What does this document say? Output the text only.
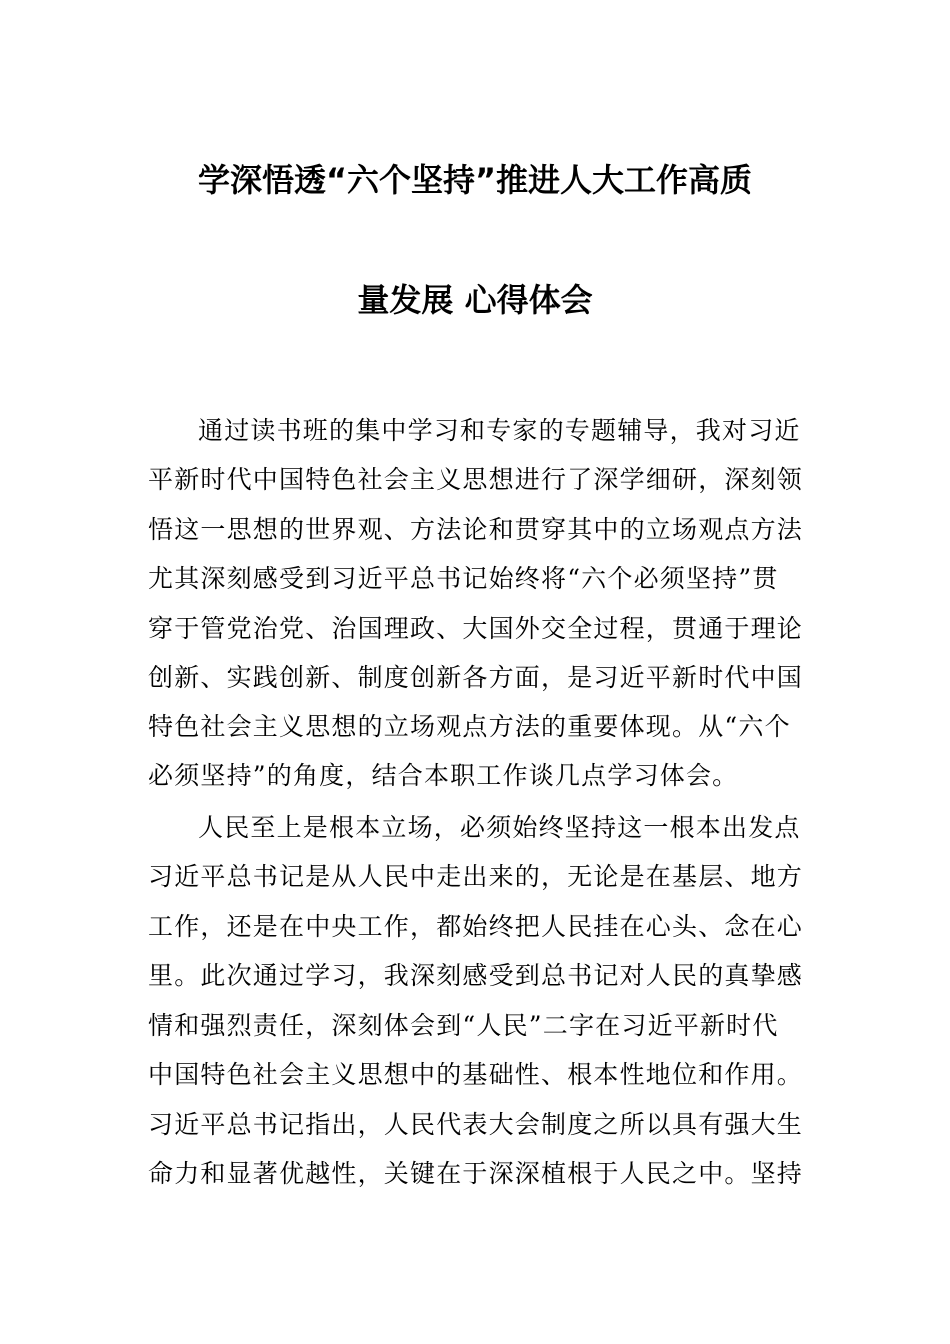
学深悟透“六个坚持”推进人大工作高质
量发展 心得体会
通过读书班的集中学习和专家的专题辅导，我对习近
平新时代中国特色社会主义思想进行了深学细研，深刻领
悟这一思想的世界观、方法论和贯穿其中的立场观点方法
尤其深刻感受到习近平总书记始终将“六个必须坚持”贯
穿于管党治党、治国理政、大国外交全过程，贯通于理论
创新、实践创新、制度创新各方面，是习近平新时代中国
特色社会主义思想的立场观点方法的重要体现。从“六个
必须坚持”的角度，结合本职工作谈几点学习体会。
人民至上是根本立场，必须始终坚持这一根本出发点
习近平总书记是从人民中走出来的，无论是在基层、地方
工作，还是在中央工作，都始终把人民挂在心头、念在心
里。此次通过学习，我深刻感受到总书记对人民的真挚感
情和强烈责任，深刻体会到“人民”二字在习近平新时代
中国特色社会主义思想中的基础性、根本性地位和作用。
习近平总书记指出，人民代表大会制度之所以具有强大生
命力和显著优越性，关键在于深深植根于人民之中。坚持
